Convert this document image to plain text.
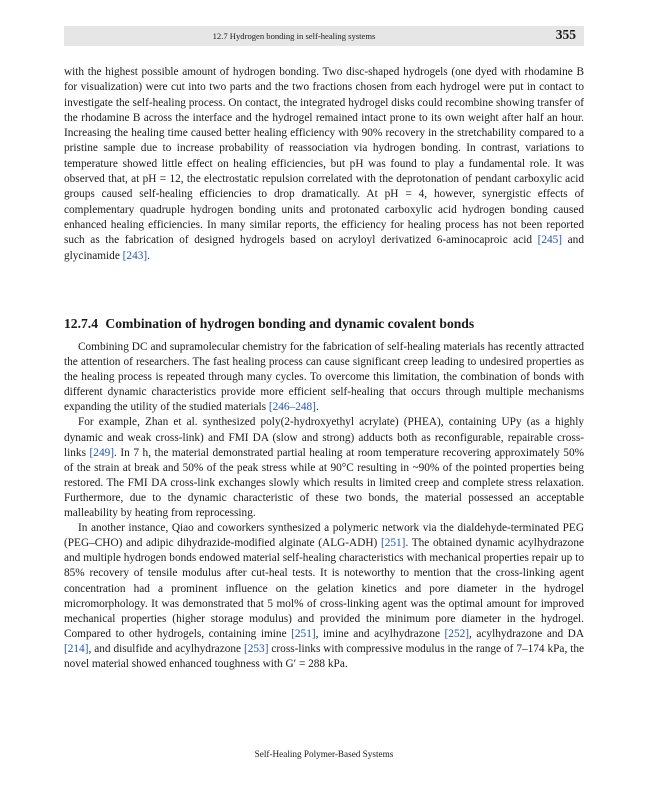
12.7 Hydrogen bonding in self-healing systems	355

with the highest possible amount of hydrogen bonding. Two disc-shaped hydrogels (one dyed with rhodamine B for visualization) were cut into two parts and the two fractions chosen from each hydrogel were put in contact to investigate the self-healing process. On contact, the integrated hydrogel disks could recombine showing transfer of the rhodamine B across the interface and the hydrogel remained intact prone to its own weight after half an hour. Increasing the healing time caused better healing efficiency with 90% recovery in the stretchability compared to a pristine sample due to increase probability of reassociation via hydrogen bonding. In contrast, variations to temperature showed little effect on healing efficiencies, but pH was found to play a fundamental role. It was observed that, at pH = 12, the electrostatic repulsion correlated with the deprotonation of pendant carboxylic acid groups caused self-healing efficiencies to drop dramatically. At pH = 4, however, synergistic effects of complementary quadruple hydrogen bonding units and protonated carboxylic acid hydrogen bonding caused enhanced healing efficiencies. In many similar reports, the efficiency for healing process has not been reported such as the fabrication of designed hydrogels based on acryloyl derivatized 6-aminocaproic acid [245] and glycinamide [243].

12.7.4 Combination of hydrogen bonding and dynamic covalent bonds

Combining DC and supramolecular chemistry for the fabrication of self-healing materials has recently attracted the attention of researchers. The fast healing process can cause significant creep leading to undesired properties as the healing process is repeated through many cycles. To overcome this limitation, the combination of bonds with different dynamic characteristics provide more efficient self-healing that occurs through multiple mechanisms expanding the utility of the studied materials [246–248].

For example, Zhan et al. synthesized poly(2-hydroxyethyl acrylate) (PHEA), containing UPy (as a highly dynamic and weak cross-link) and FMI DA (slow and strong) adducts both as reconfigurable, repairable cross-links [249]. In 7 h, the material demonstrated partial healing at room temperature recovering approximately 50% of the strain at break and 50% of the peak stress while at 90°C resulting in ~90% of the pointed properties being restored. The FMI DA cross-link exchanges slowly which results in limited creep and complete stress relaxation. Furthermore, due to the dynamic characteristic of these two bonds, the material possessed an acceptable malleability by heating from reprocessing.

In another instance, Qiao and coworkers synthesized a polymeric network via the dialdehyde-terminated PEG (PEG–CHO) and adipic dihydrazide-modified alginate (ALG-ADH) [251]. The obtained dynamic acylhydrazone and multiple hydrogen bonds endowed material self-healing characteristics with mechanical properties repair up to 85% recovery of tensile modulus after cut-heal tests. It is noteworthy to mention that the cross-linking agent concentration had a prominent influence on the gelation kinetics and pore diameter in the hydrogel micromorphology. It was demonstrated that 5 mol% of cross-linking agent was the optimal amount for improved mechanical properties (higher storage modulus) and provided the minimum pore diameter in the hydrogel. Compared to other hydrogels, containing imine [251], imine and acylhydrazone [252], acylhydrazone and DA [214], and disulfide and acylhydrazone [253] cross-links with compressive modulus in the range of 7–174 kPa, the novel material showed enhanced toughness with G′ = 288 kPa.

Self-Healing Polymer-Based Systems
